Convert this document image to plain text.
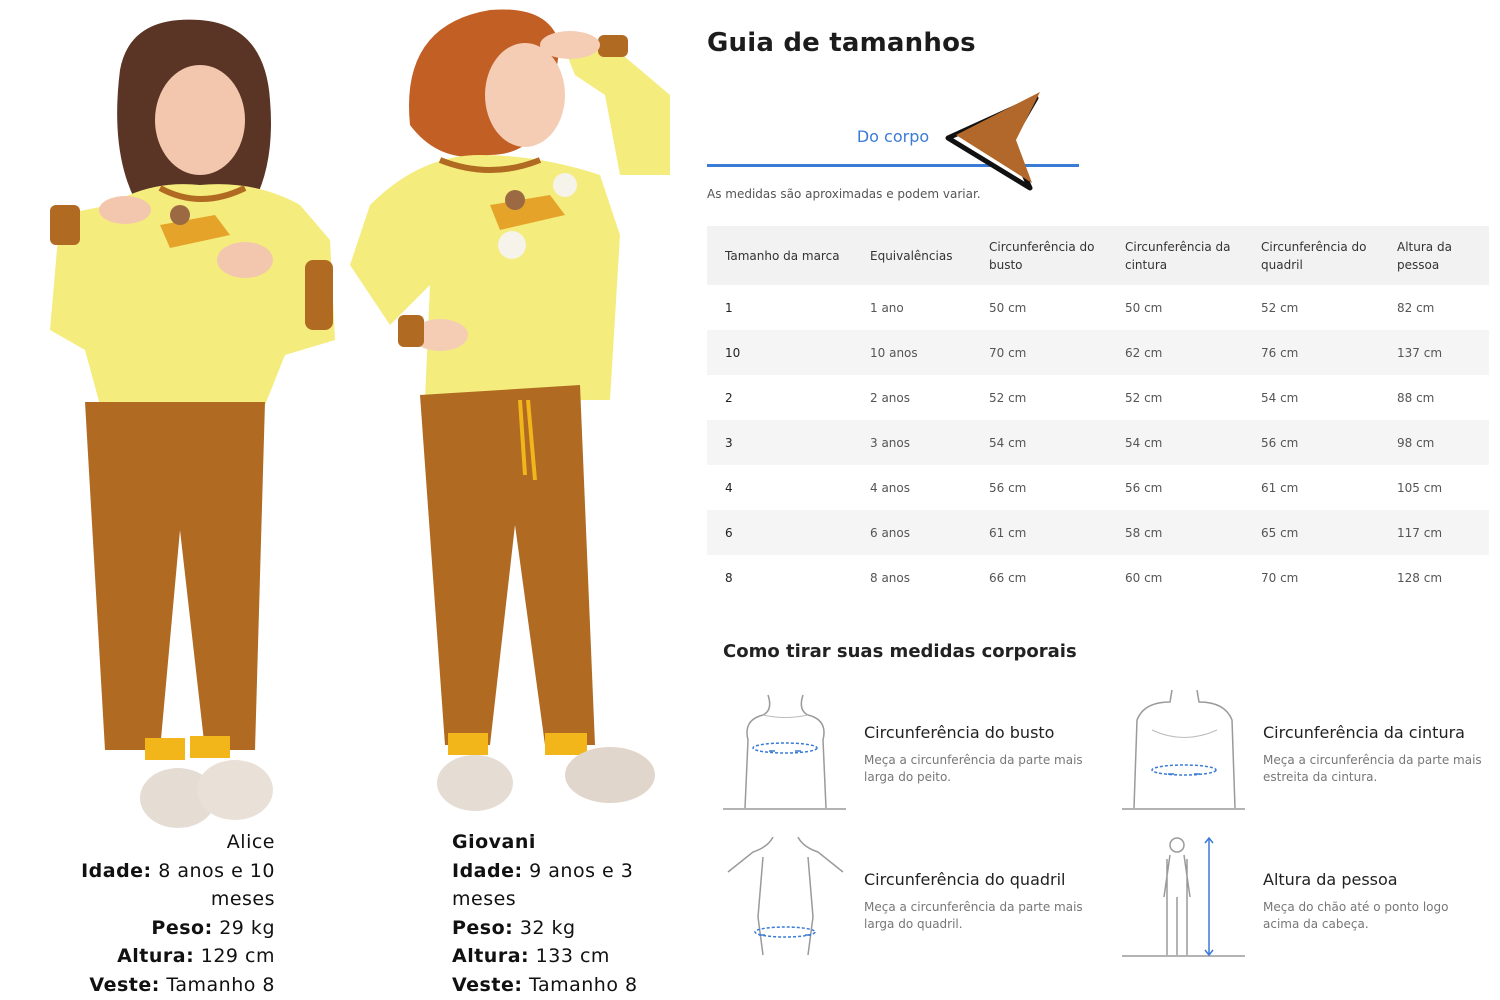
Alice
Idade: 8 anos e 10 meses
Peso: 29 kg
Altura: 129 cm
Veste: Tamanho 8
Giovani
Idade: 9 anos e 3 meses
Peso: 32 kg
Altura: 133 cm
Veste: Tamanho 8
Guia de tamanhos
Do corpo

As medidas são aproximadas e podem variar.

Tamanho da marca	Equivalências	Circunferência do busto	Circunferência da cintura	Circunferência do quadril	Altura da pessoa
1	1 ano	50 cm	50 cm	52 cm	82 cm
10	10 anos	70 cm	62 cm	76 cm	137 cm
2	2 anos	52 cm	52 cm	54 cm	88 cm
3	3 anos	54 cm	54 cm	56 cm	98 cm
4	4 anos	56 cm	56 cm	61 cm	105 cm
6	6 anos	61 cm	58 cm	65 cm	117 cm
8	8 anos	66 cm	60 cm	70 cm	128 cm
Como tirar suas medidas corporais
Circunferência do busto
Meça a circunferência da parte mais larga do peito.
Circunferência da cintura
Meça a circunferência da parte mais estreita da cintura.
Circunferência do quadril
Meça a circunferência da parte mais larga do quadril.
Altura da pessoa
Meça do chão até o ponto logo acima da cabeça.
